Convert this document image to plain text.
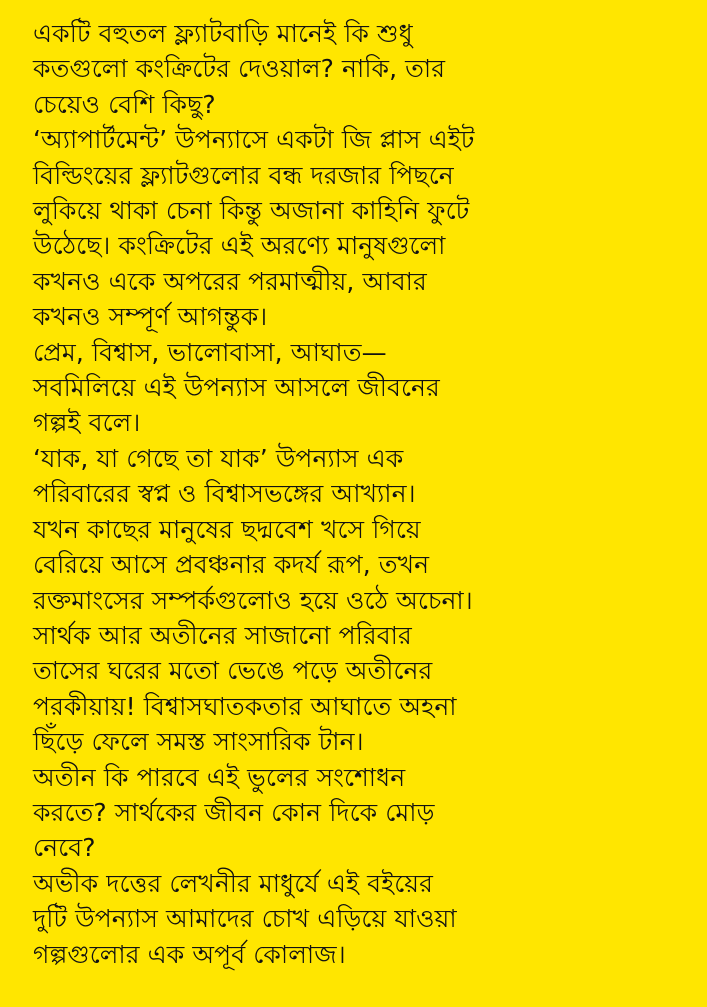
একটি বহুতল ফ্ল্যাটবাড়ি মানেই কি শুধু
কতগুলো কংক্রিটের দেওয়াল? নাকি, তার
চেয়েও বেশি কিছু?
‘অ্যাপার্টমেন্ট’ উপন্যাসে একটা জি প্লাস এইট
বিল্ডিংয়ের ফ্ল্যাটগুলোর বন্ধ দরজার পিছনে
লুকিয়ে থাকা চেনা কিন্তু অজানা কাহিনি ফুটে
উঠেছে। কংক্রিটের এই অরণ্যে মানুষগুলো
কখনও একে অপরের পরমাত্মীয়, আবার
কখনও সম্পূর্ণ আগন্তুক।
প্রেম, বিশ্বাস, ভালোবাসা, আঘাত—
সবমিলিয়ে এই উপন্যাস আসলে জীবনের
গল্পই বলে।
‘যাক, যা গেছে তা যাক’ উপন্যাস এক
পরিবারের স্বপ্ন ও বিশ্বাসভঙ্গের আখ্যান।
যখন কাছের মানুষের ছদ্মবেশ খসে গিয়ে
বেরিয়ে আসে প্রবঞ্চনার কদর্য রূপ, তখন
রক্তমাংসের সম্পর্কগুলোও হয়ে ওঠে অচেনা।
সার্থক আর অতীনের সাজানো পরিবার
তাসের ঘরের মতো ভেঙে পড়ে অতীনের
পরকীয়ায়! বিশ্বাসঘাতকতার আঘাতে অহনা
ছিঁড়ে ফেলে সমস্ত সাংসারিক টান।
অতীন কি পারবে এই ভুলের সংশোধন
করতে? সার্থকের জীবন কোন দিকে মোড়
নেবে?
অভীক দত্তের লেখনীর মাধুর্যে এই বইয়ের
দুটি উপন্যাস আমাদের চোখ এড়িয়ে যাওয়া
গল্পগুলোর এক অপূর্ব কোলাজ।
